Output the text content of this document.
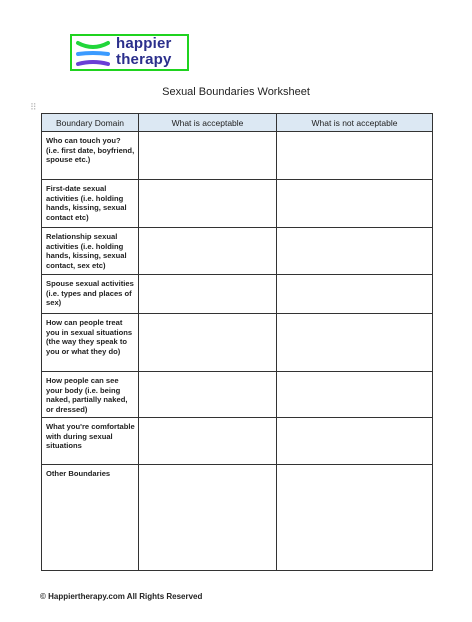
happier
therapy
Sexual Boundaries Worksheet
⠿
Boundary Domain	What is acceptable	What is not acceptable

Who can touch you? (i.e. first date, boyfriend, spouse etc.)		

First-date sexual activities (i.e. holding hands, kissing, sexual contact etc)		

Relationship sexual activities (i.e. holding hands, kissing, sexual contact, sex etc)		

Spouse sexual activities (i.e. types and places of sex)		

How can people treat you in sexual situations (the way they speak to you or what they do)		

How people can see your body (i.e. being naked, partially naked, or dressed)		

What you're comfortable with during sexual situations		

Other Boundaries		

© Happiertherapy.com All Rights Reserved
